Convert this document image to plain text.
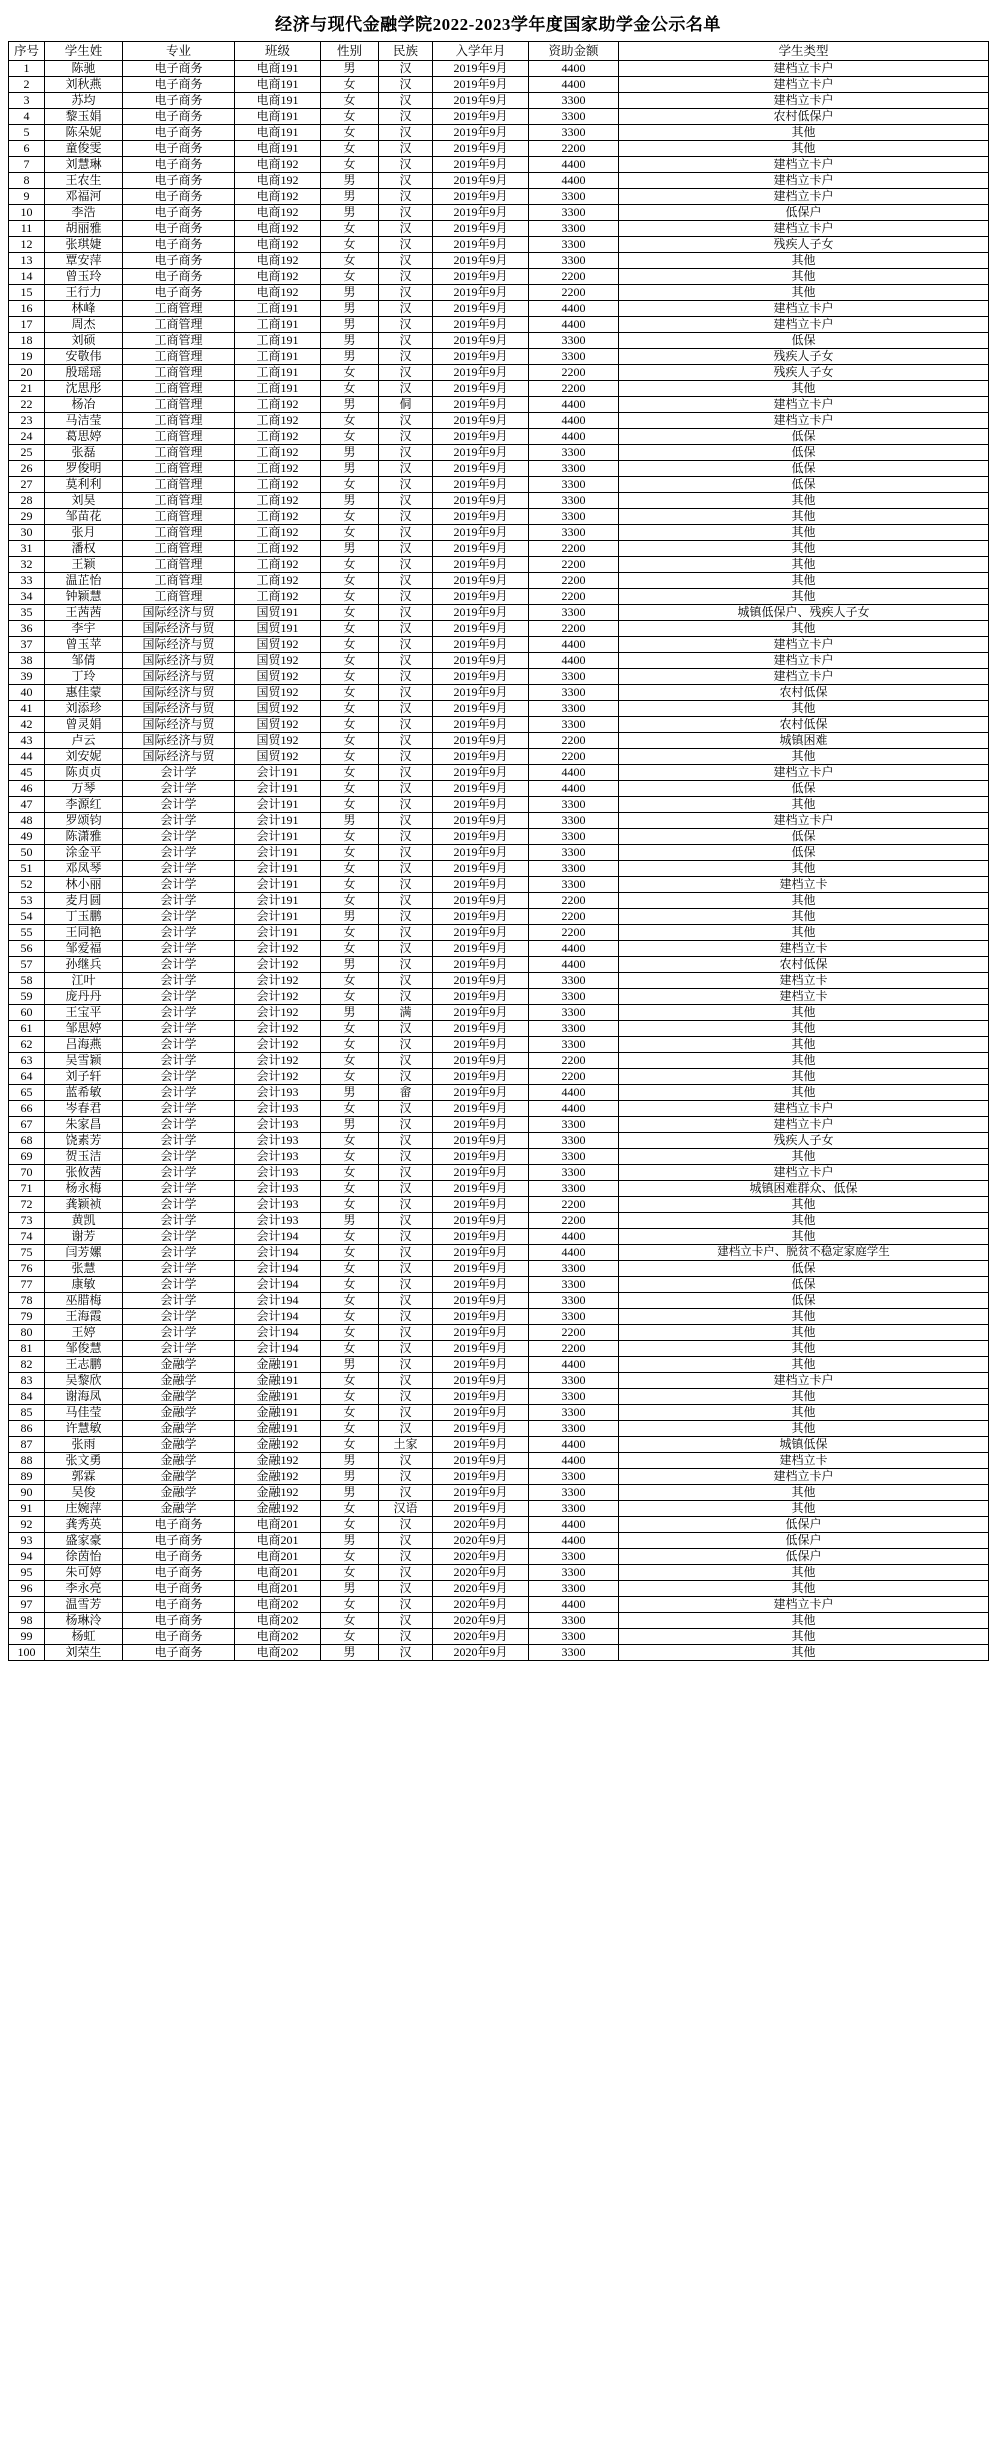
经济与现代金融学院2022-2023学年度国家助学金公示名单
序号	学生姓	专业	班级	性别	民族	入学年月	资助金额	学生类型
1	陈驰	电子商务	电商191	男	汉	2019年9月	4400	建档立卡户
2	刘秋燕	电子商务	电商191	女	汉	2019年9月	4400	建档立卡户
3	苏均	电子商务	电商191	女	汉	2019年9月	3300	建档立卡户
4	黎玉娟	电子商务	电商191	女	汉	2019年9月	3300	农村低保户
5	陈朵妮	电子商务	电商191	女	汉	2019年9月	3300	其他
6	童俊雯	电子商务	电商191	女	汉	2019年9月	2200	其他
7	刘慧琳	电子商务	电商192	女	汉	2019年9月	4400	建档立卡户
8	王农生	电子商务	电商192	男	汉	2019年9月	4400	建档立卡户
9	邓福河	电子商务	电商192	男	汉	2019年9月	3300	建档立卡户
10	李浩	电子商务	电商192	男	汉	2019年9月	3300	低保户
11	胡丽雅	电子商务	电商192	女	汉	2019年9月	3300	建档立卡户
12	张琪婕	电子商务	电商192	女	汉	2019年9月	3300	残疾人子女
13	覃安萍	电子商务	电商192	女	汉	2019年9月	3300	其他
14	曾玉玲	电子商务	电商192	女	汉	2019年9月	2200	其他
15	王行力	电子商务	电商192	男	汉	2019年9月	2200	其他
16	林峰	工商管理	工商191	男	汉	2019年9月	4400	建档立卡户
17	周杰	工商管理	工商191	男	汉	2019年9月	4400	建档立卡户
18	刘硕	工商管理	工商191	男	汉	2019年9月	3300	低保
19	安敬伟	工商管理	工商191	男	汉	2019年9月	3300	残疾人子女
20	殷瑶瑶	工商管理	工商191	女	汉	2019年9月	2200	残疾人子女
21	沈思彤	工商管理	工商191	女	汉	2019年9月	2200	其他
22	杨冶	工商管理	工商192	男	侗	2019年9月	4400	建档立卡户
23	马洁莹	工商管理	工商192	女	汉	2019年9月	4400	建档立卡户
24	葛思婷	工商管理	工商192	女	汉	2019年9月	4400	低保
25	张磊	工商管理	工商192	男	汉	2019年9月	3300	低保
26	罗俊明	工商管理	工商192	男	汉	2019年9月	3300	低保
27	莫利利	工商管理	工商192	女	汉	2019年9月	3300	低保
28	刘昊	工商管理	工商192	男	汉	2019年9月	3300	其他
29	邹苗花	工商管理	工商192	女	汉	2019年9月	3300	其他
30	张月	工商管理	工商192	女	汉	2019年9月	3300	其他
31	潘权	工商管理	工商192	男	汉	2019年9月	2200	其他
32	王颖	工商管理	工商192	女	汉	2019年9月	2200	其他
33	温芷怡	工商管理	工商192	女	汉	2019年9月	2200	其他
34	钟颖慧	工商管理	工商192	女	汉	2019年9月	2200	其他
35	王茜茜	国际经济与贸	国贸191	女	汉	2019年9月	3300	城镇低保户、残疾人子女
36	李宇	国际经济与贸	国贸191	女	汉	2019年9月	2200	其他
37	曾玉苹	国际经济与贸	国贸192	女	汉	2019年9月	4400	建档立卡户
38	邹倩	国际经济与贸	国贸192	女	汉	2019年9月	4400	建档立卡户
39	丁玲	国际经济与贸	国贸192	女	汉	2019年9月	3300	建档立卡户
40	惠佳蒙	国际经济与贸	国贸192	女	汉	2019年9月	3300	农村低保
41	刘添珍	国际经济与贸	国贸192	女	汉	2019年9月	3300	其他
42	曾灵娟	国际经济与贸	国贸192	女	汉	2019年9月	3300	农村低保
43	卢云	国际经济与贸	国贸192	女	汉	2019年9月	2200	城镇困难
44	刘安妮	国际经济与贸	国贸192	女	汉	2019年9月	2200	其他
45	陈贞贞	会计学	会计191	女	汉	2019年9月	4400	建档立卡户
46	万琴	会计学	会计191	女	汉	2019年9月	4400	低保
47	李源红	会计学	会计191	女	汉	2019年9月	3300	其他
48	罗颂钧	会计学	会计191	男	汉	2019年9月	3300	建档立卡户
49	陈潇雅	会计学	会计191	女	汉	2019年9月	3300	低保
50	涂金平	会计学	会计191	女	汉	2019年9月	3300	低保
51	邓凤琴	会计学	会计191	女	汉	2019年9月	3300	其他
52	林小丽	会计学	会计191	女	汉	2019年9月	3300	建档立卡
53	麦月圆	会计学	会计191	女	汉	2019年9月	2200	其他
54	丁玉鹏	会计学	会计191	男	汉	2019年9月	2200	其他
55	王同艳	会计学	会计191	女	汉	2019年9月	2200	其他
56	邹爱福	会计学	会计192	女	汉	2019年9月	4400	建档立卡
57	孙继兵	会计学	会计192	男	汉	2019年9月	4400	农村低保
58	江叶	会计学	会计192	女	汉	2019年9月	3300	建档立卡
59	庞丹丹	会计学	会计192	女	汉	2019年9月	3300	建档立卡
60	王宝平	会计学	会计192	男	满	2019年9月	3300	其他
61	邹思婷	会计学	会计192	女	汉	2019年9月	3300	其他
62	吕海燕	会计学	会计192	女	汉	2019年9月	3300	其他
63	吴雪颖	会计学	会计192	女	汉	2019年9月	2200	其他
64	刘子轩	会计学	会计192	女	汉	2019年9月	2200	其他
65	蓝希敏	会计学	会计193	男	畲	2019年9月	4400	其他
66	岑春君	会计学	会计193	女	汉	2019年9月	4400	建档立卡户
67	朱家昌	会计学	会计193	男	汉	2019年9月	3300	建档立卡户
68	饶素芳	会计学	会计193	女	汉	2019年9月	3300	残疾人子女
69	贺玉洁	会计学	会计193	女	汉	2019年9月	3300	其他
70	张攸茜	会计学	会计193	女	汉	2019年9月	3300	建档立卡户
71	杨永梅	会计学	会计193	女	汉	2019年9月	3300	城镇困难群众、低保
72	龚颖祯	会计学	会计193	女	汉	2019年9月	2200	其他
73	黄凯	会计学	会计193	男	汉	2019年9月	2200	其他
74	谢芳	会计学	会计194	女	汉	2019年9月	4400	其他
75	闫芳嫘	会计学	会计194	女	汉	2019年9月	4400	建档立卡户、脱贫不稳定家庭学生
76	张慧	会计学	会计194	女	汉	2019年9月	3300	低保
77	康敏	会计学	会计194	女	汉	2019年9月	3300	低保
78	巫腊梅	会计学	会计194	女	汉	2019年9月	3300	低保
79	王海霞	会计学	会计194	女	汉	2019年9月	3300	其他
80	王婷	会计学	会计194	女	汉	2019年9月	2200	其他
81	邹俊慧	会计学	会计194	女	汉	2019年9月	2200	其他
82	王志鹏	金融学	金融191	男	汉	2019年9月	4400	其他
83	吴黎欣	金融学	金融191	女	汉	2019年9月	3300	建档立卡户
84	谢海凤	金融学	金融191	女	汉	2019年9月	3300	其他
85	马佳莹	金融学	金融191	女	汉	2019年9月	3300	其他
86	许慧敏	金融学	金融191	女	汉	2019年9月	3300	其他
87	张雨	金融学	金融192	女	土家	2019年9月	4400	城镇低保
88	张文勇	金融学	金融192	男	汉	2019年9月	4400	建档立卡
89	郭霖	金融学	金融192	男	汉	2019年9月	3300	建档立卡户
90	吴俊	金融学	金融192	男	汉	2019年9月	3300	其他
91	庄婉萍	金融学	金融192	女	汉语	2019年9月	3300	其他
92	龚秀英	电子商务	电商201	女	汉	2020年9月	4400	低保户
93	盛家豪	电子商务	电商201	男	汉	2020年9月	4400	低保户
94	徐茵怡	电子商务	电商201	女	汉	2020年9月	3300	低保户
95	朱可婷	电子商务	电商201	女	汉	2020年9月	3300	其他
96	李永亮	电子商务	电商201	男	汉	2020年9月	3300	其他
97	温雪芳	电子商务	电商202	女	汉	2020年9月	4400	建档立卡户
98	杨琳泠	电子商务	电商202	女	汉	2020年9月	3300	其他
99	杨虹	电子商务	电商202	女	汉	2020年9月	3300	其他
100	刘荣生	电子商务	电商202	男	汉	2020年9月	3300	其他
